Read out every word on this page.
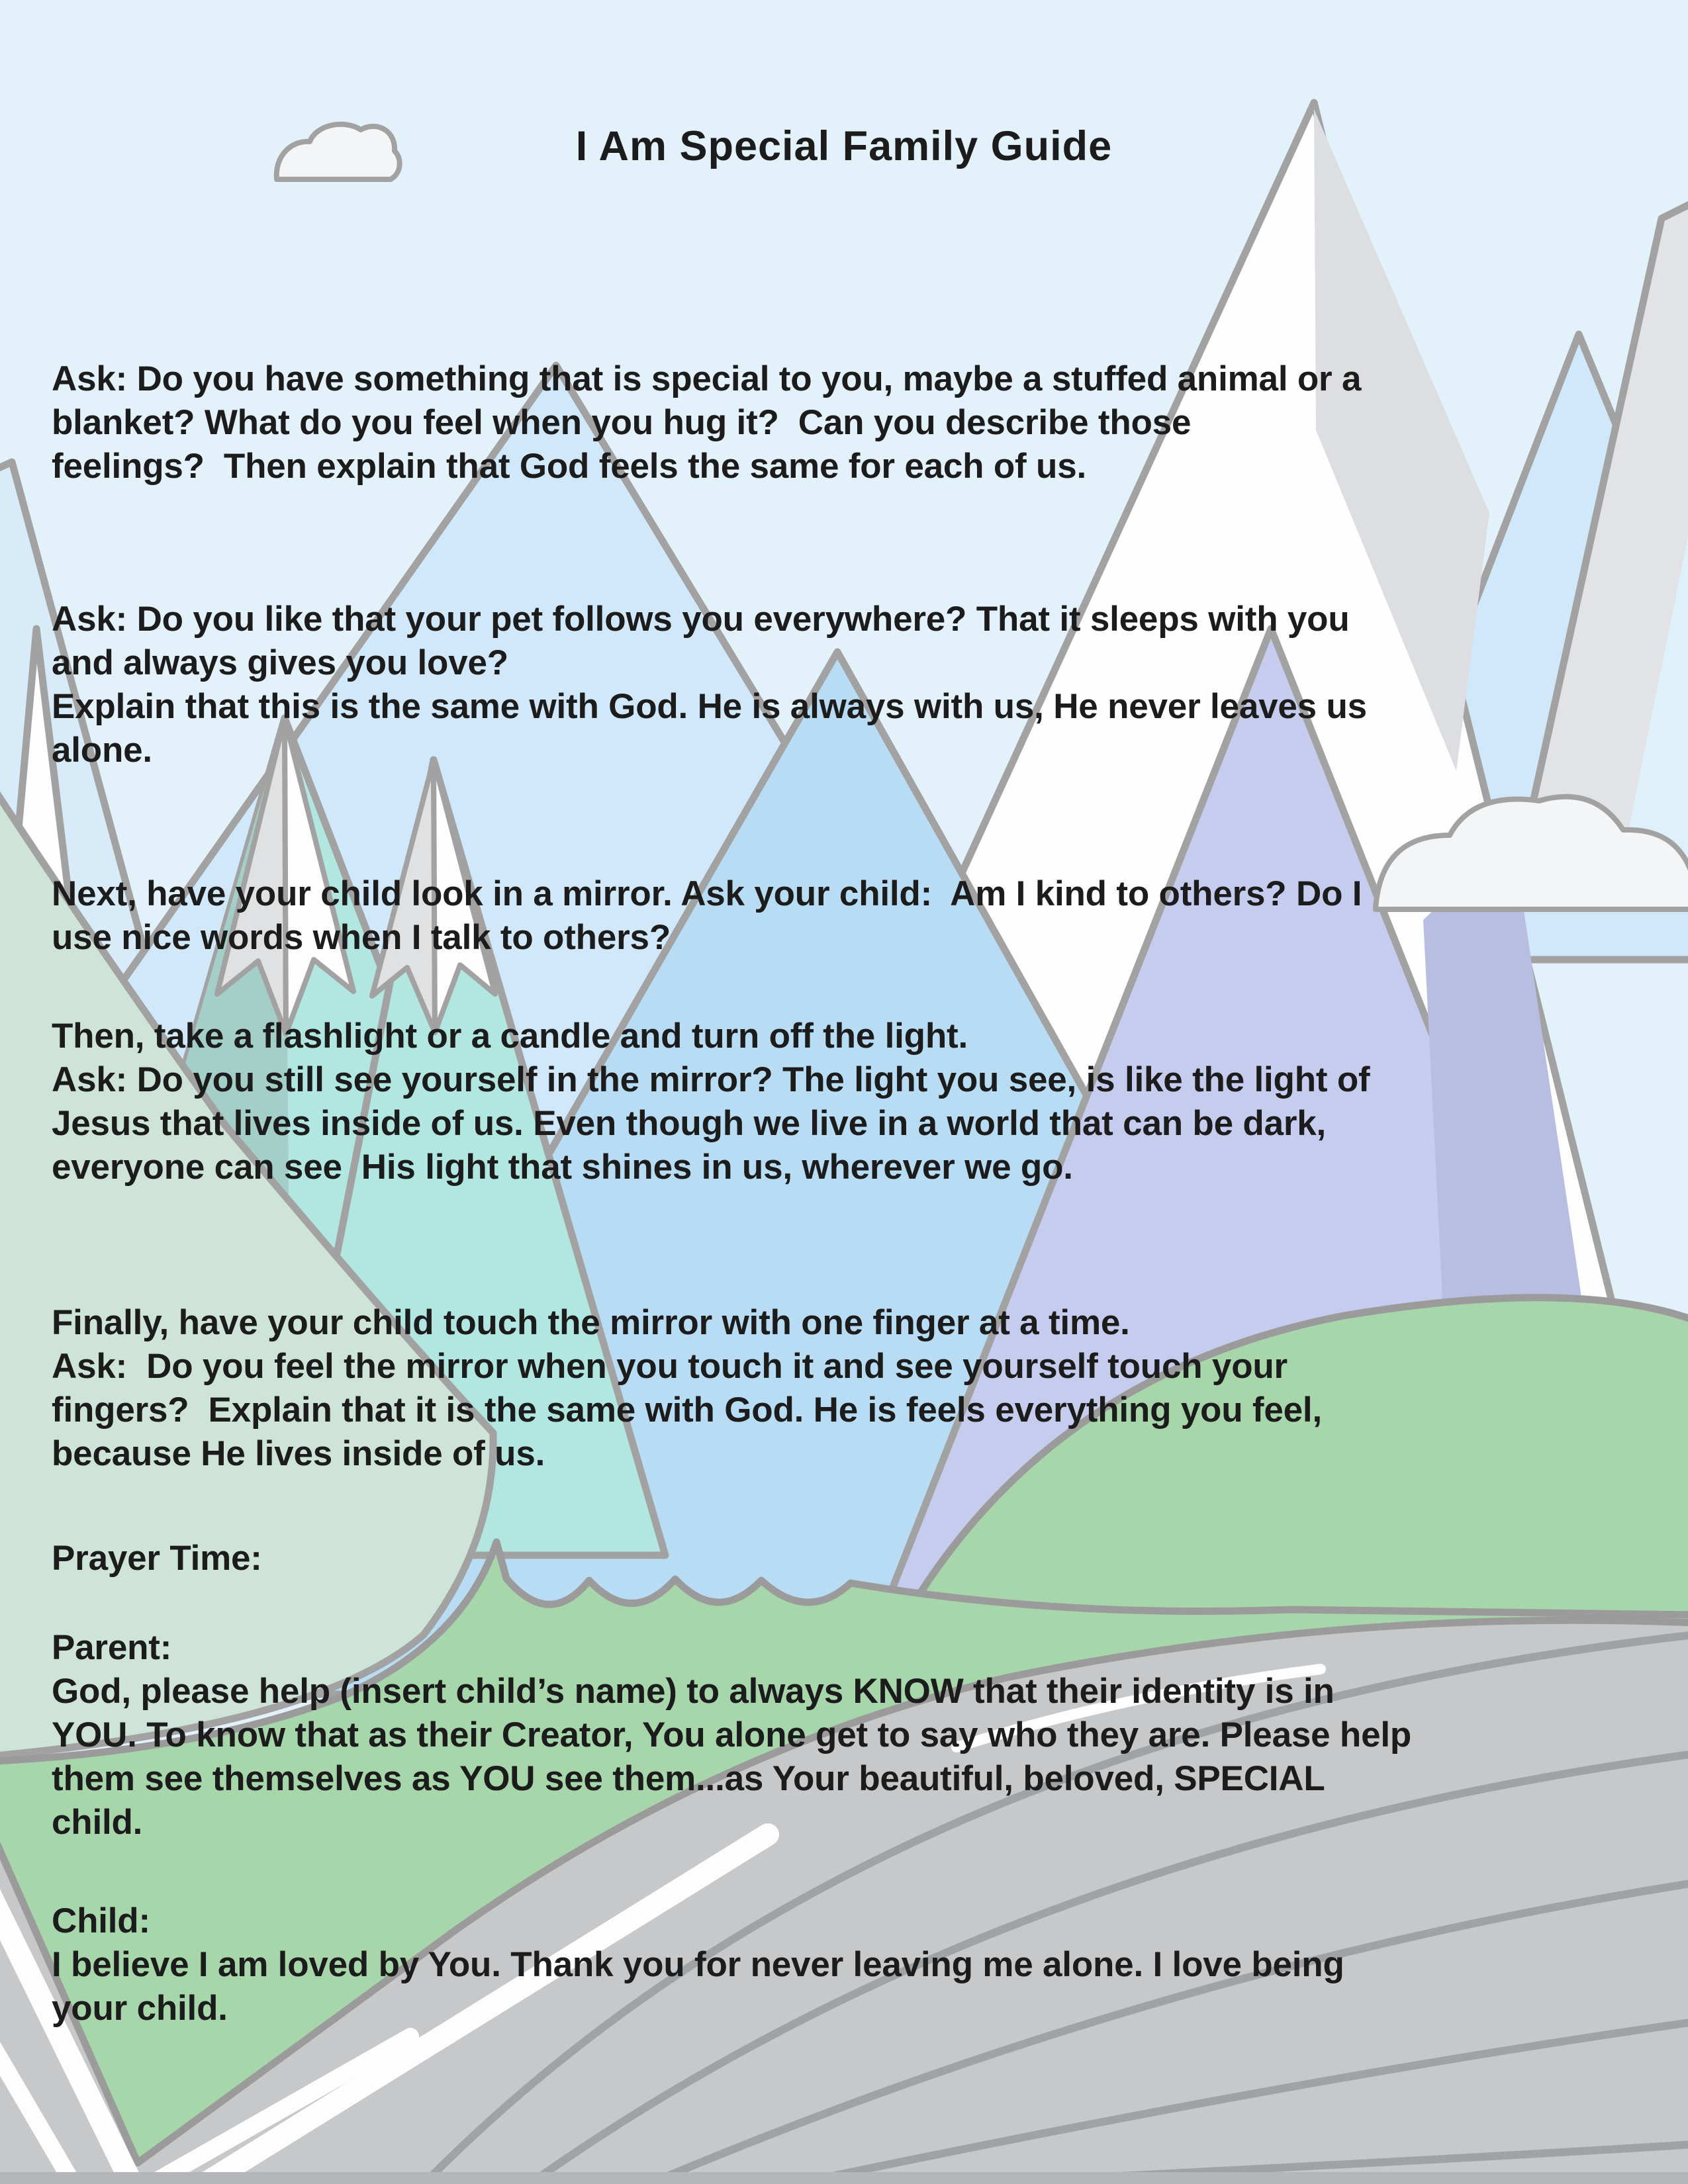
I Am Special Family Guide
Ask: Do you have something that is special to you, maybe a stuffed animal or a
blanket? What do you feel when you hug it?  Can you describe those
feelings?  Then explain that God feels the same for each of us.
Ask: Do you like that your pet follows you everywhere? That it sleeps with you
and always gives you love?
Explain that this is the same with God. He is always with us, He never leaves us
alone.
Next, have your child look in a mirror. Ask your child:  Am I kind to others? Do I
use nice words when I talk to others?
Then, take a flashlight or a candle and turn off the light.
Ask: Do you still see yourself in the mirror? The light you see, is like the light of
Jesus that lives inside of us. Even though we live in a world that can be dark,
everyone can see  His light that shines in us, wherever we go.
Finally, have your child touch the mirror with one finger at a time.
Ask:  Do you feel the mirror when you touch it and see yourself touch your
fingers?  Explain that it is the same with God. He is feels everything you feel,
because He lives inside of us.
Prayer Time:
Parent:
God, please help (insert child’s name) to always KNOW that their identity is in
YOU. To know that as their Creator, You alone get to say who they are. Please help
them see themselves as YOU see them...as Your beautiful, beloved, SPECIAL
child.
Child:
I believe I am loved by You. Thank you for never leaving me alone. I love being
your child.
